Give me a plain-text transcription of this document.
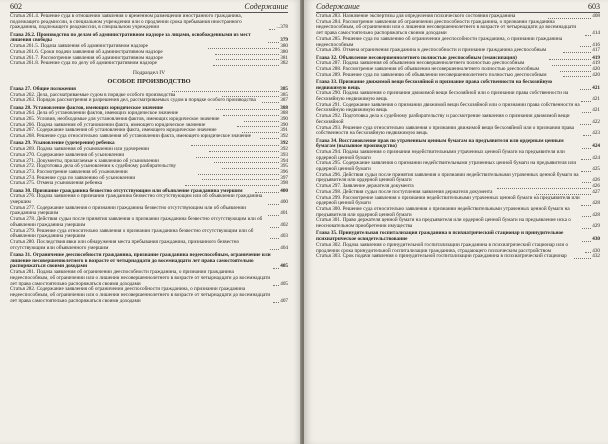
602	Содержание
Статья 261.4. Решение суда в отношении заявления о временном размещении иностранного гражданина, подлежащего реадмиссии, в специальном учреждении или о продлении срока пребывания иностранного гражданина, подлежащего реадмиссии, в специальном учреждении	...378
Глава 26.2. Производство по делам об административном надзоре за лицами, освобожденными из мест лишения свободы	379
Статья 261.5. Подача заявления об административном надзоре	380
Статья 261.6. Сроки подачи заявления об административном надзоре	380
Статья 261.7. Рассмотрение заявления об административном надзоре	381
Статья 261.8. Решение суда по делу об административном надзоре	382
Подраздел IV
ОСОБОЕ ПРОИЗВОДСТВО
Глава 27. Общие положения	385
Статья 262. Дела, рассматриваемые судом в порядке особого производства	385
Статья 263. Порядок рассмотрения и разрешения дел, рассматриваемых судом в порядке особого производства	387
Глава 28. Установление фактов, имеющих юридическое значение	388
Статья 264. Дела об установлении фактов, имеющих юридическое значение	388
Статья 265. Условия, необходимые для установления фактов, имеющих юридическое значение	390
Статья 266. Подача заявления об установлении факта, имеющего юридическое значение	390
Статья 267. Содержание заявления об установлении факта, имеющего юридическое значение	391
Статья 268. Решение суда относительно заявления об установлении факта, имеющего юридическое значение	392
Глава 29. Усыновление (удочерение) ребенка	392
Статья 269. Подача заявления об усыновлении или удочерении	392
Статья 270. Содержание заявления об усыновлении	393
Статья 271. Документы, прилагаемые к заявлению об усыновлении	394
Статья 272. Подготовка дела об усыновлении к судебному разбирательству	395
Статья 273. Рассмотрение заявления об усыновлении	396
Статья 274. Решение суда по заявлению об усыновлении	397
Статья 275. Отмена усыновления ребенка	398
Глава 30. Признание гражданина безвестно отсутствующим или объявление гражданина умершим	400
Статья 276. Подача заявления о признании гражданина безвестно отсутствующим или об объявлении гражданина умершим	400
Статья 277. Содержание заявления о признании гражданина безвестно отсутствующим или об объявлении гражданина умершим	401
Статья 278. Действия судьи после принятия заявления о признании гражданина безвестно отсутствующим или об объявлении гражданина умершим	402
Статья 279. Решение суда относительно заявления о признании гражданина безвестно отсутствующим или об объявлении гражданина умершим	403
Статья 280. Последствия явки или обнаружения места пребывания гражданина, признанного безвестно отсутствующим или объявленного умершим	404
Глава 31. Ограничение дееспособности гражданина, признание гражданина недееспособным, ограничение или лишение несовершеннолетнего в возрасте от четырнадцати до восемнадцати лет права самостоятельно распоряжаться своими доходами	405
Статья 281. Подача заявления об ограничении дееспособности гражданина, о признании гражданина недееспособным, об ограничении или о лишении несовершеннолетнего в возрасте от четырнадцати до восемнадцати лет права самостоятельно распоряжаться своими доходами	405
Статья 282. Содержание заявления об ограничении дееспособности гражданина, о признании гражданина недееспособным, об ограничении или о лишении несовершеннолетнего в возрасте от четырнадцати до восемнадцати лет права самостоятельно распоряжаться своими доходами	407
Содержание	603
Статья 283. Назначение экспертизы для определения психического состояния гражданина	408
Статья 284. Рассмотрение заявления об ограничении дееспособности гражданина, о признании гражданина недееспособным, об ограничении или о лишении несовершеннолетнего в возрасте от четырнадцати до восемнадцати лет права самостоятельно распоряжаться своими доходами	414
Статья 285. Решение суда по заявлению об ограничении дееспособности гражданина, о признании гражданина недееспособным	416
Статья 286. Отмена ограничения гражданина в дееспособности и признание гражданина дееспособным	417
Глава 32. Объявление несовершеннолетнего полностью дееспособным (эмансипация)	419
Статья 287. Подача заявления об объявлении несовершеннолетнего полностью дееспособным	419
Статья 288. Рассмотрение заявления об объявлении несовершеннолетнего полностью дееспособным	420
Статья 289. Решение суда по заявлению об объявлении несовершеннолетнего полностью дееспособным	420
Глава 33. Признание движимой вещи бесхозяйной и признание права собственности на бесхозяйную недвижимую вещь	421
Статья 290. Подача заявления о признании движимой вещи бесхозяйной или о признании права собственности на бесхозяйную недвижимую вещь	421
Статья 291. Содержание заявления о признании движимой вещи бесхозяйной или о признании права собственности на бесхозяйную недвижимую вещь	421
Статья 292. Подготовка дела к судебному разбирательству и рассмотрение заявления о признании движимой вещи бесхозяйной	422
Статья 293. Решение суда относительно заявления о признании движимой вещи бесхозяйной или о признании права собственности на бесхозяйную недвижимую вещь	423
Глава 34. Восстановление прав по утраченным ценным бумагам на предъявителя или ордерным ценным бумагам (вызывное производство)	424
Статья 294. Подача заявления о признании недействительными утраченных ценной бумаги на предъявителя или ордерной ценной бумаги	424
Статья 295. Содержание заявления о признании недействительными утраченных ценной бумаги на предъявителя или ордерной ценной бумаги	425
Статья 296. Действия судьи после принятия заявления о признании недействительными утраченных ценной бумаги на предъявителя или ордерной ценной бумаги	426
Статья 297. Заявление держателя документа	426
Статья 298. Действия судьи после поступления заявления держателя документа	427
Статья 299. Рассмотрение заявления о признании недействительными утраченных ценной бумаги на предъявителя или ордерной ценной бумаги	428
Статья 300. Решение суда относительно заявления о признании недействительными утраченных ценной бумаги на предъявителя или ордерной ценной бумаги	428
Статья 301. Право держателя ценной бумаги на предъявителя или ордерной ценной бумаги на предъявление иска о неосновательном приобретении имущества	429
Глава 35. Принудительная госпитализация гражданина в психиатрический стационар и принудительное психиатрическое освидетельствование	430
Статья 302. Подача заявления о принудительной госпитализации гражданина в психиатрический стационар или о продлении срока принудительной госпитализации гражданина, страдающего психическим расстройством	430
Статья 303. Срок подачи заявления о принудительной госпитализации гражданина в психиатрический стационар	432
